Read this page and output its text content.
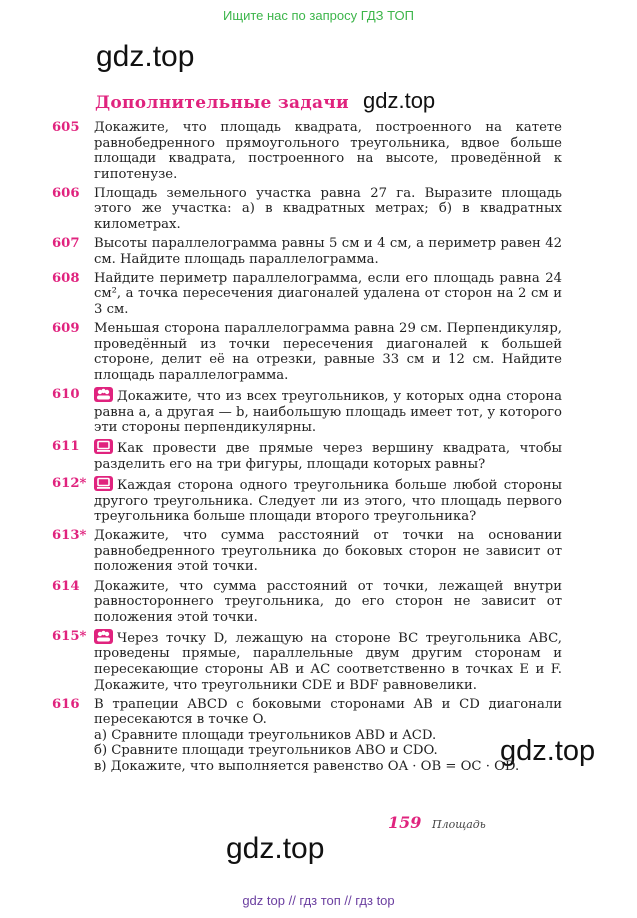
Ищите нас по запросу ГДЗ ТОП
gdz.top
gdz.top
gdz.top
gdz.top
Дополнительные задачи
605 Докажите, что площадь квадрата, построенного на катете равнобедренного прямоугольного треугольника, вдвое больше площади квадрата, построенного на высоте, проведённой к гипотенузе.
606 Площадь земельного участка равна 27 га. Выразите площадь этого же участка: а) в квадратных метрах; б) в квадратных километрах.
607 Высоты параллелограмма равны 5 см и 4 см, а периметр равен 42 см. Найдите площадь параллелограмма.
608 Найдите периметр параллелограмма, если его площадь равна 24 см², а точка пересечения диагоналей удалена от сторон на 2 см и 3 см.
609 Меньшая сторона параллелограмма равна 29 см. Перпендикуляр, проведённый из точки пересечения диагоналей к большей стороне, делит её на отрезки, равные 33 см и 12 см. Найдите площадь параллелограмма.
610	Докажите, что из всех треугольников, у которых одна сторона равна a, а другая — b, наибольшую площадь имеет тот, у которого эти стороны перпендикулярны.
611	Как провести две прямые через вершину квадрата, чтобы разделить его на три фигуры, площади которых равны?
612* Каждая сторона одного треугольника больше любой стороны другого треугольника. Следует ли из этого, что площадь первого треугольника больше площади второго треугольника?
613* Докажите, что сумма расстояний от точки на основании равнобедренного треугольника до боковых сторон не зависит от положения этой точки.
614 Докажите, что сумма расстояний от точки, лежащей внутри равностороннего треугольника, до его сторон не зависит от положения этой точки.
615* Через точку D, лежащую на стороне BC треугольника ABC, проведены прямые, параллельные двум другим сторонам и пересекающие стороны AB и AC соответственно в точках E и F. Докажите, что треугольники CDE и BDF равновелики.
616 В трапеции ABCD с боковыми сторонами AB и CD диагонали пересекаются в точке O.
а) Сравните площади треугольников ABD и ACD.
б) Сравните площади треугольников ABO и CDO.
в) Докажите, что выполняется равенство OA · OB = OC · OD.
159 Площадь
gdz top // гдз топ // гдз top
